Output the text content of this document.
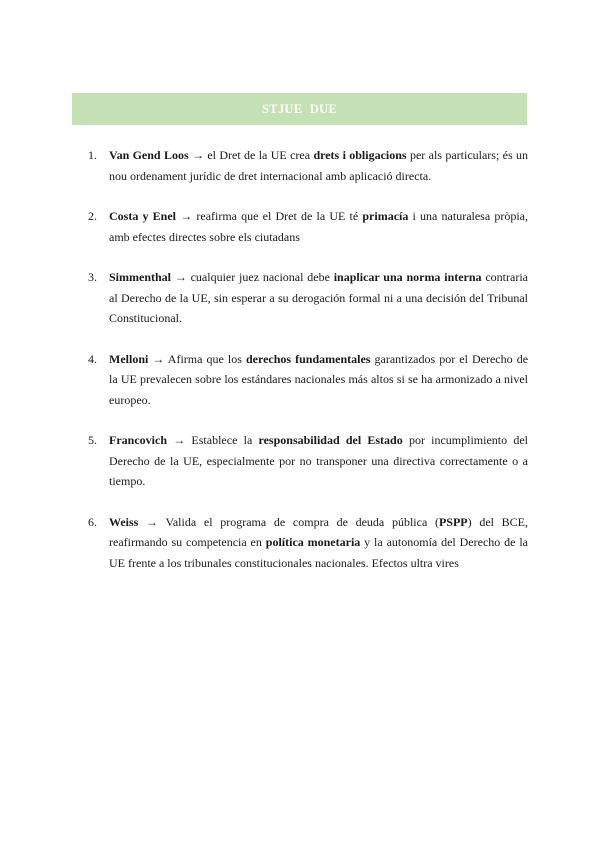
STJUE DUE
1.	Van Gend Loos → el Dret de la UE crea drets i obligacions per als particulars; és un nou ordenament jurídic de dret internacional amb aplicació directa.
2.	Costa y Enel → reafirma que el Dret de la UE té primacía i una naturalesa pròpia, amb efectes directes sobre els ciutadans
3.	Simmenthal → cualquier juez nacional debe inaplicar una norma interna contraria al Derecho de la UE, sin esperar a su derogación formal ni a una decisión del Tribunal Constitucional.
4.	Melloni → Afirma que los derechos fundamentales garantizados por el Derecho de la UE prevalecen sobre los estándares nacionales más altos si se ha armonizado a nivel europeo.
5.	Francovich → Establece la responsabilidad del Estado por incumplimiento del Derecho de la UE, especialmente por no transponer una directiva correctamente o a tiempo.
6.	Weiss → Valida el programa de compra de deuda pública (PSPP) del BCE, reafirmando su competencia en política monetaria y la autonomía del Derecho de la UE frente a los tribunales constitucionales nacionales. Efectos ultra vires
